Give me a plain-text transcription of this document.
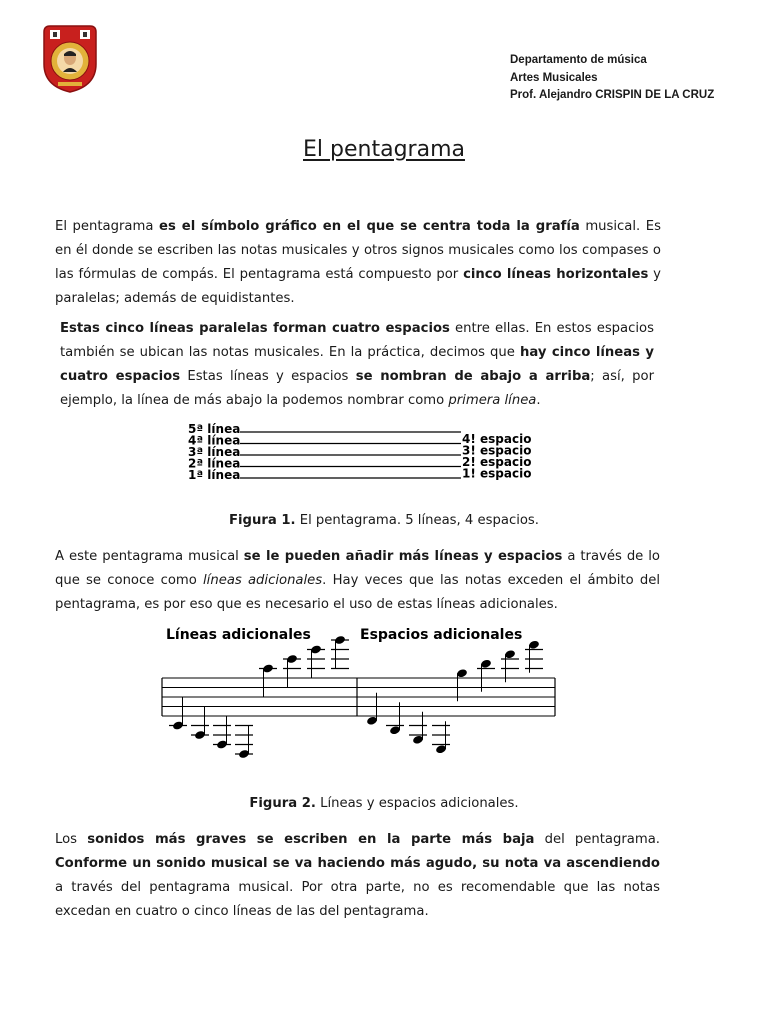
Departamento de música
Artes Musicales
Prof. Alejandro CRISPIN DE LA CRUZ
El pentagrama
El pentagrama es el símbolo gráfico en el que se centra toda la grafía musical. Es en él donde se escriben las notas musicales y otros signos musicales como los compases o las fórmulas de compás. El pentagrama está compuesto por cinco líneas horizontales y paralelas; además de equidistantes.
Estas cinco líneas paralelas forman cuatro espacios entre ellas. En estos espacios también se ubican las notas musicales. En la práctica, decimos que hay cinco líneas y cuatro espacios Estas líneas y espacios se nombran de abajo a arriba; así, por ejemplo, la línea de más abajo la podemos nombrar como primera línea.
5ª línea
4ª línea
3ª línea
2ª línea
1ª línea
4! espacio
3! espacio
2! espacio
1! espacio
Figura 1. El pentagrama. 5 líneas, 4 espacios.
A este pentagrama musical se le pueden añadir más líneas y espacios a través de lo que se conoce como líneas adicionales. Hay veces que las notas exceden el ámbito del pentagrama, es por eso que es necesario el uso de estas líneas adicionales.
Líneas adicionales	Espacios adicionales
Figura 2. Líneas y espacios adicionales.
Los sonidos más graves se escriben en la parte más baja del pentagrama. Conforme un sonido musical se va haciendo más agudo, su nota va ascendiendo a través del pentagrama musical. Por otra parte, no es recomendable que las notas excedan en cuatro o cinco líneas de las del pentagrama.
